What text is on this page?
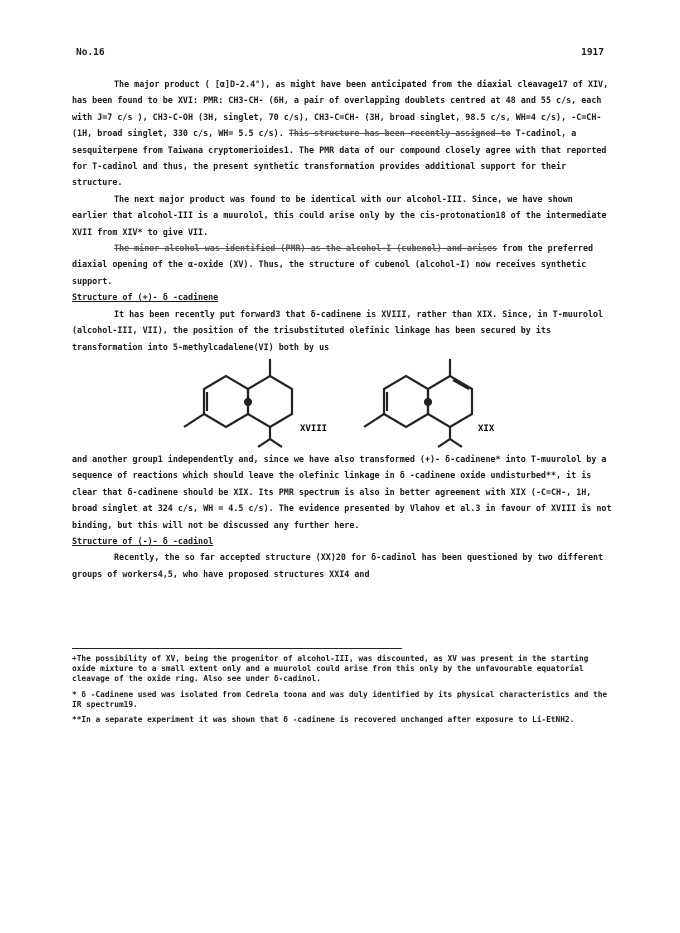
No.16	1917

The major product ( [α]D-2.4°), as might have been anticipated from the diaxial cleavage17 of XIV, has been found to be XVI: PMR: CH3-CH- (6H, a pair of overlapping doublets centred at 48 and 55 c/s, each with J=7 c/s ), CH3-C-OH (3H, singlet, 70 c/s), CH3-C=CH- (3H, broad singlet, 98.5 c/s, WH=4 c/s), -C=CH- (1H, broad singlet, 330 c/s, WH= 5.5 c/s). This structure has been recently assigned to T-cadinol, a sesquiterpene from Taiwana cryptomerioides1. The PMR data of our compound closely agree with that reported for T-cadinol and thus, the present synthetic transformation provides additional support for their structure.

The next major product was found to be identical with our alcohol-III. Since, we have shown earlier that alcohol-III is a muurolol, this could arise only by the cis-protonation18 of the intermediate XVII from XIV* to give VII.

The minor alcohol was identified (PMR) as the alcohol-I (cubenol) and arises from the preferred diaxial opening of the α-oxide (XV). Thus, the structure of cubenol (alcohol-I) now receives synthetic support.

Structure of (+)- δ -cadinene

It has been recently put forward3 that δ-cadinene is XVIII, rather than XIX. Since, in T-muurolol (alcohol-III, VII), the position of the trisubstituted olefinic linkage has been secured by its transformation into 5-methylcadalene(VI) both by us

XVIII	XIX

and another group1 independently and, since we have also transformed (+)- δ-cadinene* into T-muurolol by a sequence of reactions which should leave the olefinic linkage in δ -cadinene oxide undisturbed**, it is clear that δ-cadinene should be XIX. Its PMR spectrum is also in better agreement with XIX (-C=CH-, 1H, broad singlet at 324 c/s, WH = 4.5 c/s). The evidence presented by Vlahov et al.3 in favour of XVIII is not binding, but this will not be discussed any further here.

Structure of (-)- δ -cadinol

Recently, the so far accepted structure (XX)20 for δ-cadinol has been questioned by two different groups of workers4,5, who have proposed structures XXI4 and

+The possibility of XV, being the progenitor of alcohol-III, was discounted, as XV was present in the starting oxide mixture to a small extent only and a muurolol could arise from this only by the unfavourable equatorial cleavage of the oxide ring. Also see under δ-cadinol.

* δ -Cadinene used was isolated from Cedrela toona and was duly identified by its physical characteristics and the IR spectrum19.

**In a separate experiment it was shown that δ -cadinene is recovered unchanged after exposure to Li-EtNH2.
